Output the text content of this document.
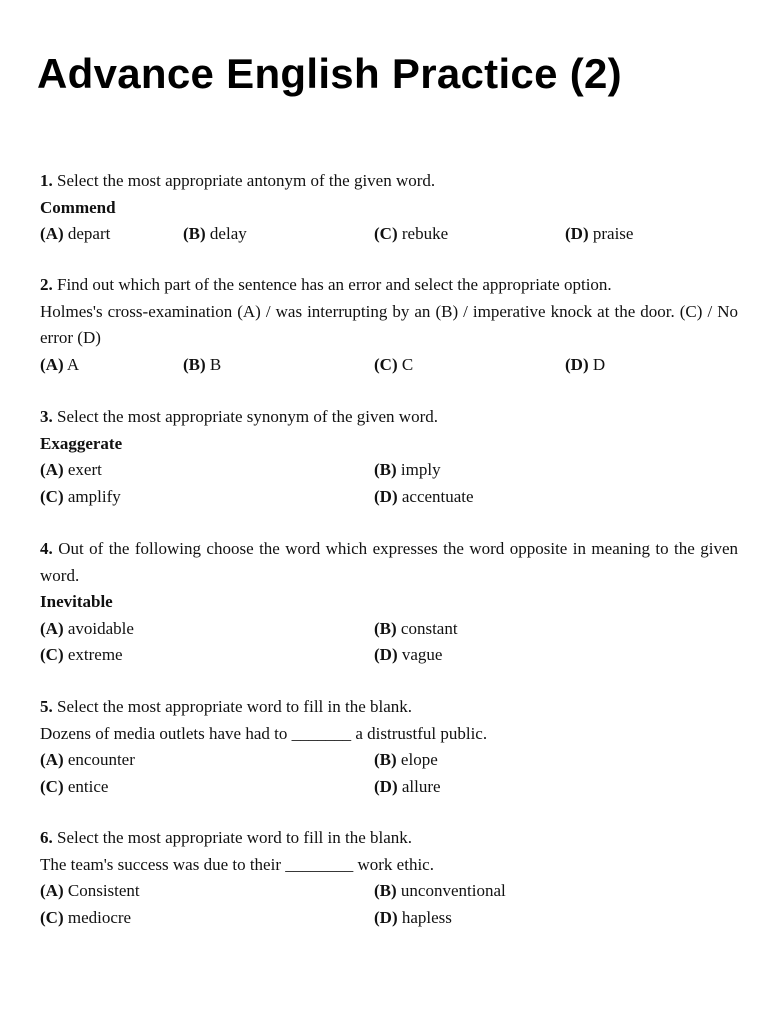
Advance English Practice (2)
1. Select the most appropriate antonym of the given word.
Commend
(A) depart	(B) delay	(C) rebuke	(D) praise
2. Find out which part of the sentence has an error and select the appropriate option.
Holmes's cross-examination (A) / was interrupting by an (B) / imperative knock at the door. (C) / No error (D)
(A) A	(B) B	(C) C	(D) D
3. Select the most appropriate synonym of the given word.
Exaggerate
(A) exert	(B) imply
(C) amplify	(D) accentuate
4. Out of the following choose the word which expresses the word opposite in meaning to the given word.
Inevitable
(A) avoidable	(B) constant
(C) extreme	(D) vague
5. Select the most appropriate word to fill in the blank.
Dozens of media outlets have had to _______ a distrustful public.
(A) encounter	(B) elope
(C) entice	(D) allure
6. Select the most appropriate word to fill in the blank.
The team's success was due to their ________ work ethic.
(A) Consistent	(B) unconventional
(C) mediocre	(D) hapless
